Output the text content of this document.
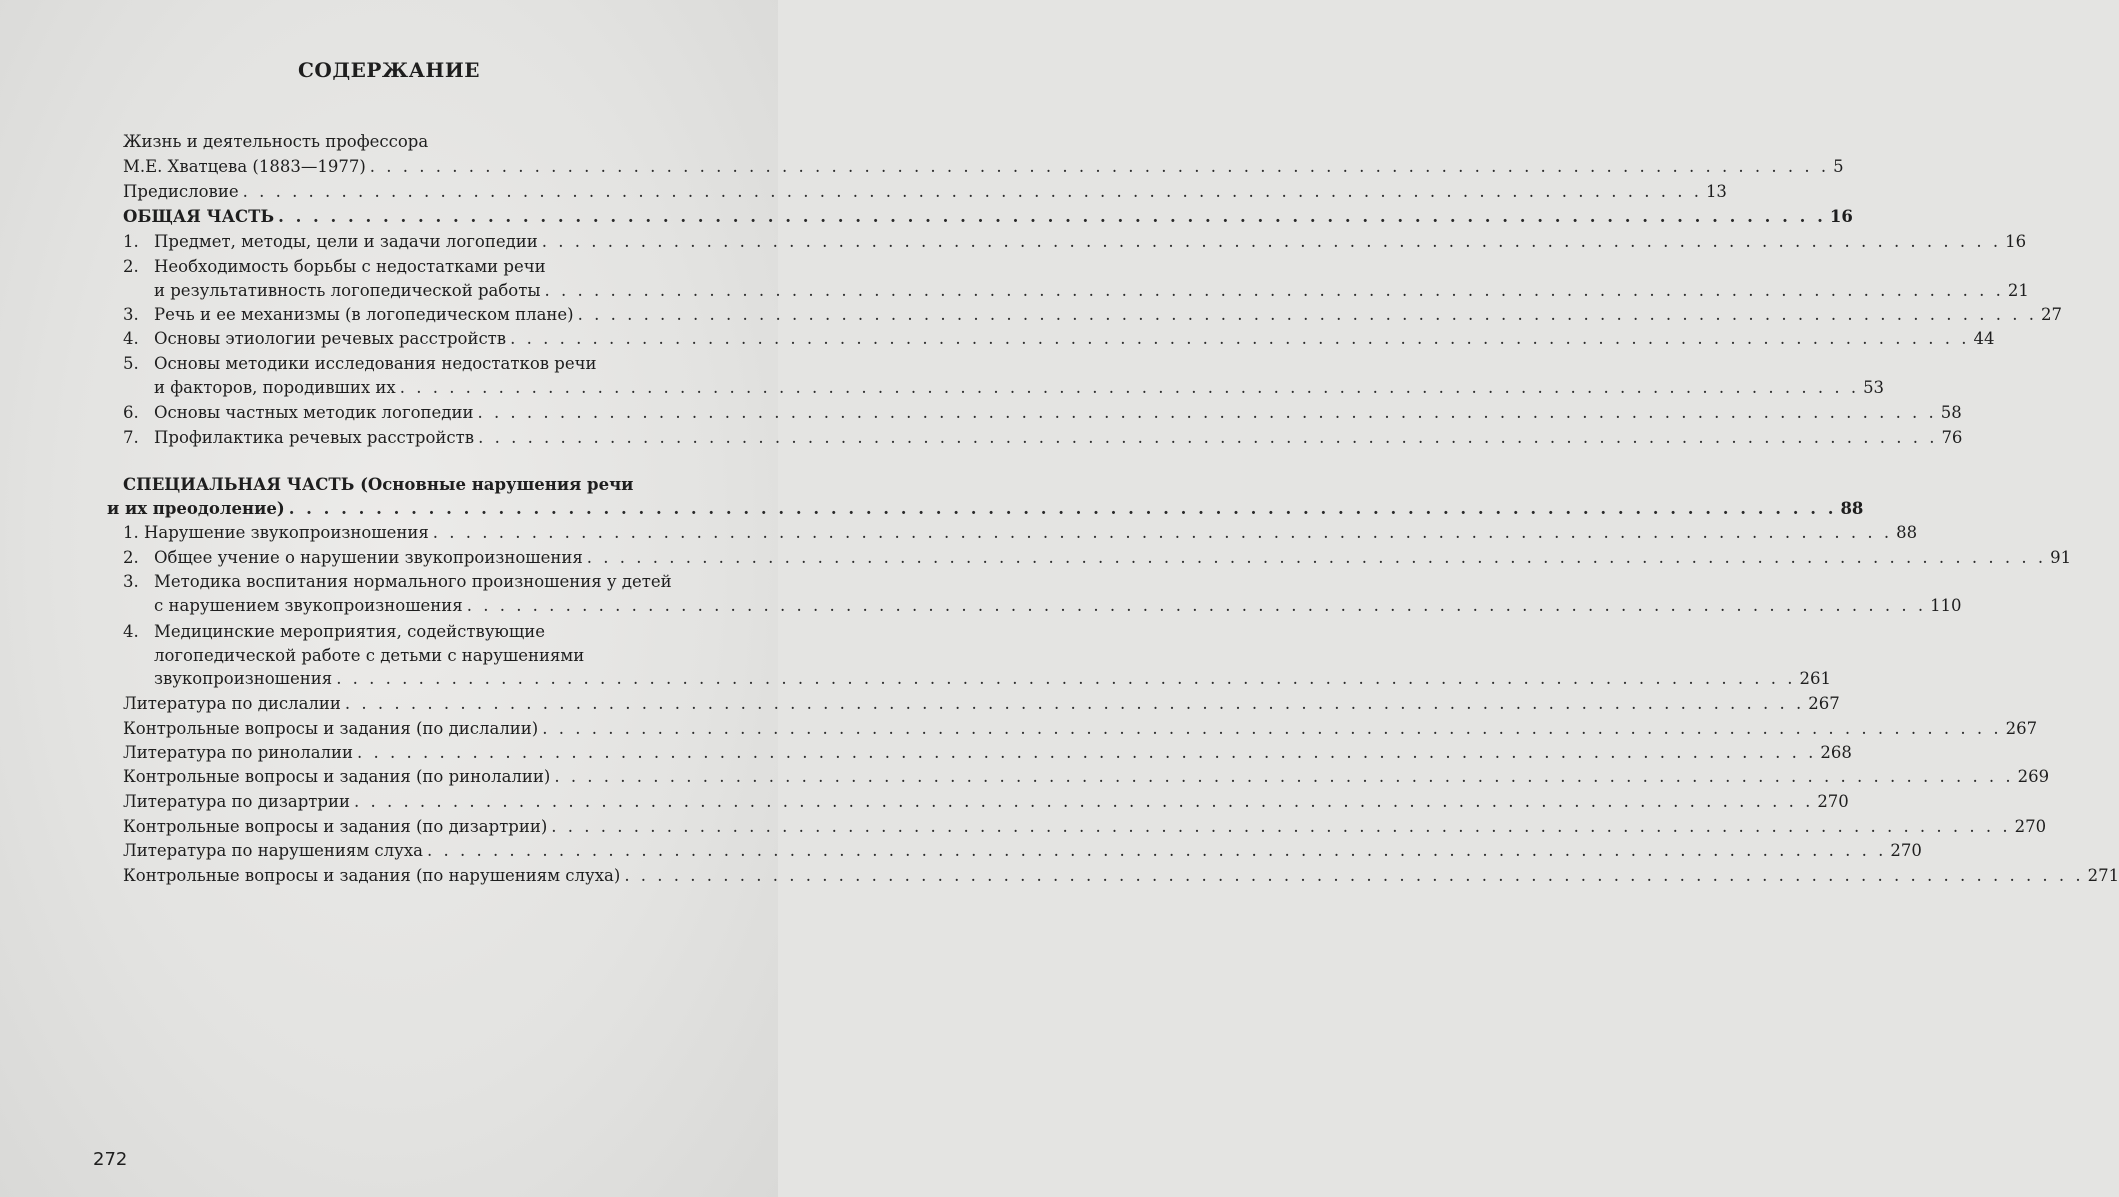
СОДЕРЖАНИЕ
Жизнь и деятельность профессора
М.Е. Хватцева (1883—1977) . . . . . . . . . . . . . . . . . . . . . . . . . . . . . . . . . . . . . . . . . . . . . . . . . . . . . . . . . . . . . . . . . . . . . . . . . . . . . . . . . . . . . . . . . 5
Предисловие . . . . . . . . . . . . . . . . . . . . . . . . . . . . . . . . . . . . . . . . . . . . . . . . . . . . . . . . . . . . . . . . . . . . . . . . . . . . . . . . . . . . . . . . . 13
ОБЩАЯ ЧАСТЬ . . . . . . . . . . . . . . . . . . . . . . . . . . . . . . . . . . . . . . . . . . . . . . . . . . . . . . . . . . . . . . . . . . . . . . . . . . . . . . . . . . . . . . . . . 16
1. Предмет, методы, цели и задачи логопедии . . . . . . . . . . . . . . . . . . . . . . . . . . . . . . . . . . . . . . . . . . . . . . . . . . . . . . . . . . . . . . . . . . . . . . . . . . . . . . . . . . . . . . . . . 16
2. Необходимость борьбы с недостатками речи
и результативность логопедической работы . . . . . . . . . . . . . . . . . . . . . . . . . . . . . . . . . . . . . . . . . . . . . . . . . . . . . . . . . . . . . . . . . . . . . . . . . . . . . . . . . . . . . . . . . 21
3. Речь и ее механизмы (в логопедическом плане) . . . . . . . . . . . . . . . . . . . . . . . . . . . . . . . . . . . . . . . . . . . . . . . . . . . . . . . . . . . . . . . . . . . . . . . . . . . . . . . . . . . . . . . . . 27
4. Основы этиологии речевых расстройств . . . . . . . . . . . . . . . . . . . . . . . . . . . . . . . . . . . . . . . . . . . . . . . . . . . . . . . . . . . . . . . . . . . . . . . . . . . . . . . . . . . . . . . . . 44
5. Основы методики исследования недостатков речи
и факторов, породивших их . . . . . . . . . . . . . . . . . . . . . . . . . . . . . . . . . . . . . . . . . . . . . . . . . . . . . . . . . . . . . . . . . . . . . . . . . . . . . . . . . . . . . . . . . 53
6. Основы частных методик логопедии . . . . . . . . . . . . . . . . . . . . . . . . . . . . . . . . . . . . . . . . . . . . . . . . . . . . . . . . . . . . . . . . . . . . . . . . . . . . . . . . . . . . . . . . . 58
7. Профилактика речевых расстройств . . . . . . . . . . . . . . . . . . . . . . . . . . . . . . . . . . . . . . . . . . . . . . . . . . . . . . . . . . . . . . . . . . . . . . . . . . . . . . . . . . . . . . . . . 76
СПЕЦИАЛЬНАЯ ЧАСТЬ (Основные нарушения речи
и их преодоление) . . . . . . . . . . . . . . . . . . . . . . . . . . . . . . . . . . . . . . . . . . . . . . . . . . . . . . . . . . . . . . . . . . . . . . . . . . . . . . . . . . . . . . . . . 88
1. Нарушение звукопроизношения . . . . . . . . . . . . . . . . . . . . . . . . . . . . . . . . . . . . . . . . . . . . . . . . . . . . . . . . . . . . . . . . . . . . . . . . . . . . . . . . . . . . . . . . . 88
2. Общее учение о нарушении звукопроизношения . . . . . . . . . . . . . . . . . . . . . . . . . . . . . . . . . . . . . . . . . . . . . . . . . . . . . . . . . . . . . . . . . . . . . . . . . . . . . . . . . . . . . . . . . 91
3. Методика воспитания нормального произношения у детей
с нарушением звукопроизношения . . . . . . . . . . . . . . . . . . . . . . . . . . . . . . . . . . . . . . . . . . . . . . . . . . . . . . . . . . . . . . . . . . . . . . . . . . . . . . . . . . . . . . . . . 110
4. Медицинские мероприятия, содействующие
логопедической работе с детьми с нарушениями
звукопроизношения . . . . . . . . . . . . . . . . . . . . . . . . . . . . . . . . . . . . . . . . . . . . . . . . . . . . . . . . . . . . . . . . . . . . . . . . . . . . . . . . . . . . . . . . . 261
Литература по дислалии . . . . . . . . . . . . . . . . . . . . . . . . . . . . . . . . . . . . . . . . . . . . . . . . . . . . . . . . . . . . . . . . . . . . . . . . . . . . . . . . . . . . . . . . . 267
Контрольные вопросы и задания (по дислалии) . . . . . . . . . . . . . . . . . . . . . . . . . . . . . . . . . . . . . . . . . . . . . . . . . . . . . . . . . . . . . . . . . . . . . . . . . . . . . . . . . . . . . . . . . 267
Литература по ринолалии . . . . . . . . . . . . . . . . . . . . . . . . . . . . . . . . . . . . . . . . . . . . . . . . . . . . . . . . . . . . . . . . . . . . . . . . . . . . . . . . . . . . . . . . . 268
Контрольные вопросы и задания (по ринолалии) . . . . . . . . . . . . . . . . . . . . . . . . . . . . . . . . . . . . . . . . . . . . . . . . . . . . . . . . . . . . . . . . . . . . . . . . . . . . . . . . . . . . . . . . . 269
Литература по дизартрии . . . . . . . . . . . . . . . . . . . . . . . . . . . . . . . . . . . . . . . . . . . . . . . . . . . . . . . . . . . . . . . . . . . . . . . . . . . . . . . . . . . . . . . . . 270
Контрольные вопросы и задания (по дизартрии) . . . . . . . . . . . . . . . . . . . . . . . . . . . . . . . . . . . . . . . . . . . . . . . . . . . . . . . . . . . . . . . . . . . . . . . . . . . . . . . . . . . . . . . . . 270
Литература по нарушениям слуха . . . . . . . . . . . . . . . . . . . . . . . . . . . . . . . . . . . . . . . . . . . . . . . . . . . . . . . . . . . . . . . . . . . . . . . . . . . . . . . . . . . . . . . . . 270
Контрольные вопросы и задания (по нарушениям слуха) . . . . . . . . . . . . . . . . . . . . . . . . . . . . . . . . . . . . . . . . . . . . . . . . . . . . . . . . . . . . . . . . . . . . . . . . . . . . . . . . . . . . . . . . . 271
272
